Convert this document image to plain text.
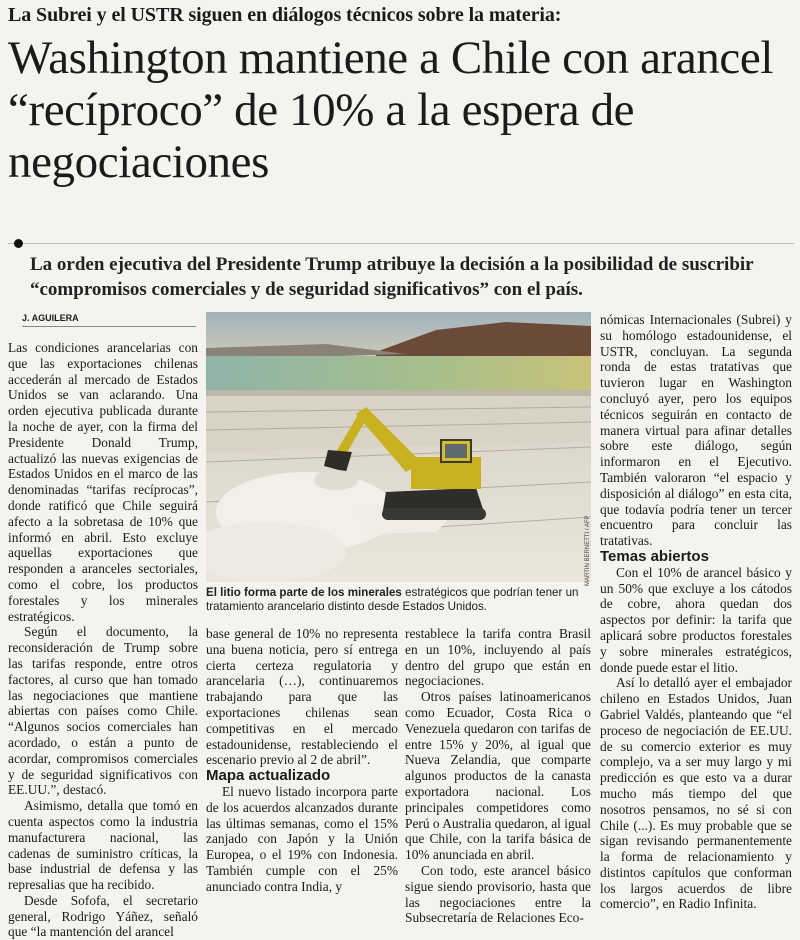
La Subrei y el USTR siguen en diálogos técnicos sobre la materia:
Washington mantiene a Chile con arancel “recíproco” de 10% a la espera de negociaciones
La orden ejecutiva del Presidente Trump atribuye la decisión a la posibilidad de suscribir “compromisos comerciales y de seguridad significativos” con el país.
J. AGUILERA

Las condiciones arancelarias con que las exportaciones chilenas accederán al mercado de Estados Unidos se van aclarando. Una orden ejecutiva publicada durante la noche de ayer, con la firma del Presidente Donald Trump, actualizó las nuevas exigencias de Estados Unidos en el marco de las denominadas “tarifas recíprocas”, donde ratificó que Chile seguirá afecto a la sobretasa de 10% que informó en abril. Esto excluye aquellas exportaciones que responden a aranceles sectoriales, como el cobre, los productos forestales y los minerales estratégicos.

Según el documento, la reconsideración de Trump sobre las tarifas responde, entre otros factores, al curso que han tomado las negociaciones que mantiene abiertas con países como Chile. “Algunos socios comerciales han acordado, o están a punto de acordar, compromisos comerciales y de seguridad significativos con EE.UU.”, destacó.

Asimismo, detalla que tomó en cuenta aspectos como la industria manufacturera nacional, las cadenas de suministro críticas, la base industrial de defensa y las represalias que ha recibido.

Desde Sofofa, el secretario general, Rodrigo Yáñez, señaló que “la mantención del arancel

MARTIN BERNETTI / AFP
El litio forma parte de los minerales estratégicos que podrían tener un tratamiento arancelario distinto desde Estados Unidos.

base general de 10% no representa una buena noticia, pero sí entrega cierta certeza regulatoria y arancelaria (…), continuaremos trabajando para que las exportaciones chilenas sean competitivas en el mercado estadounidense, restableciendo el escenario previo al 2 de abril”.

Mapa actualizado

El nuevo listado incorpora parte de los acuerdos alcanzados durante las últimas semanas, como el 15% zanjado con Japón y la Unión Europea, o el 19% con Indonesia. También cumple con el 25% anunciado contra India, y

restablece la tarifa contra Brasil en un 10%, incluyendo al país dentro del grupo que están en negociaciones.

Otros países latinoamericanos como Ecuador, Costa Rica o Venezuela quedaron con tarifas de entre 15% y 20%, al igual que Nueva Zelandia, que comparte algunos productos de la canasta exportadora nacional. Los principales competidores como Perú o Australia quedaron, al igual que Chile, con la tarifa básica de 10% anunciada en abril.

Con todo, este arancel básico sigue siendo provisorio, hasta que las negociaciones entre la Subsecretaría de Relaciones Eco-

nómicas Internacionales (Subrei) y su homólogo estadounidense, el USTR, concluyan. La segunda ronda de estas tratativas que tuvieron lugar en Washington concluyó ayer, pero los equipos técnicos seguirán en contacto de manera virtual para afinar detalles sobre este diálogo, según informaron en el Ejecutivo. También valoraron “el espacio y disposición al diálogo” en esta cita, que todavía podría tener un tercer encuentro para concluir las tratativas.

Temas abiertos

Con el 10% de arancel básico y un 50% que excluye a los cátodos de cobre, ahora quedan dos aspectos por definir: la tarifa que aplicará sobre productos forestales y sobre minerales estratégicos, donde puede estar el litio.

Así lo detalló ayer el embajador chileno en Estados Unidos, Juan Gabriel Valdés, planteando que “el proceso de negociación de EE.UU. de su comercio exterior es muy complejo, va a ser muy largo y mi predicción es que esto va a durar mucho más tiempo del que nosotros pensamos, no sé si con Chile (...). Es muy probable que se sigan revisando permanentemente la forma de relacionamiento y distintos capítulos que conforman los largos acuerdos de libre comercio”, en Radio Infinita.
